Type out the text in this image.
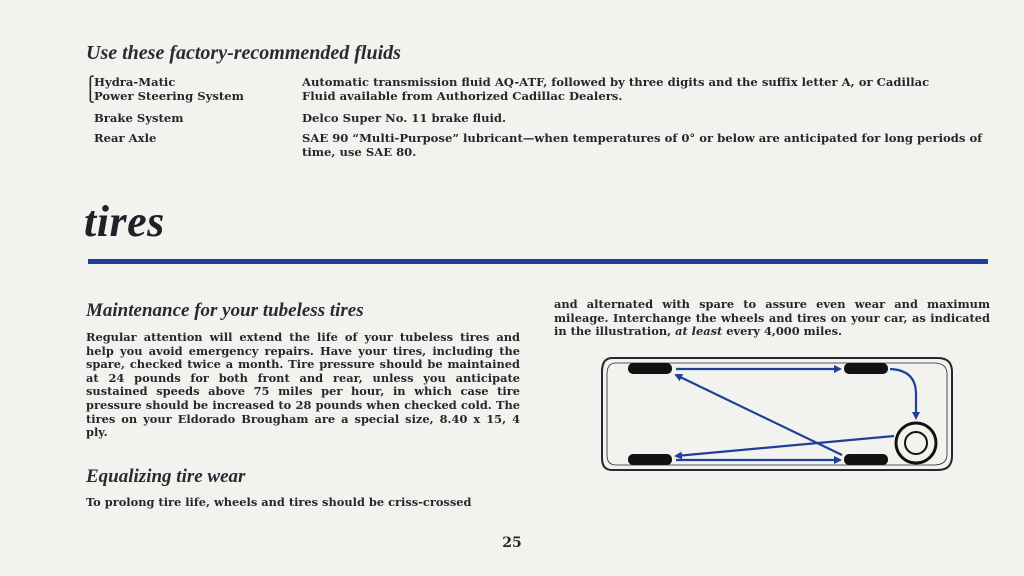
Use these factory-recommended fluids
⎧Hydra-Matic	Automatic transmission fluid AQ-ATF, followed by three digits and the suffix letter A, or Cadillac
⎩Power Steering System	Fluid available from Authorized Cadillac Dealers.
Brake System	Delco Super No. 11 brake fluid.
Rear Axle	SAE 90 “Multi-Purpose” lubricant—when temperatures of 0° or below are anticipated for long periods of time, use SAE 80.
tires
Maintenance for your tubeless tires
Regular attention will extend the life of your tubeless tires and help you avoid emergency repairs. Have your tires, including the spare, checked twice a month. Tire pressure should be maintained at 24 pounds for both front and rear, unless you anticipate sustained speeds above 75 miles per hour, in which case tire pressure should be increased to 28 pounds when checked cold. The tires on your Eldorado Brougham are a special size, 8.40 x 15, 4 ply.
Equalizing tire wear
To prolong tire life, wheels and tires should be criss-crossed
and alternated with spare to assure even wear and maximum mileage. Interchange the wheels and tires on your car, as indicated in the illustration, at least every 4,000 miles.
25
